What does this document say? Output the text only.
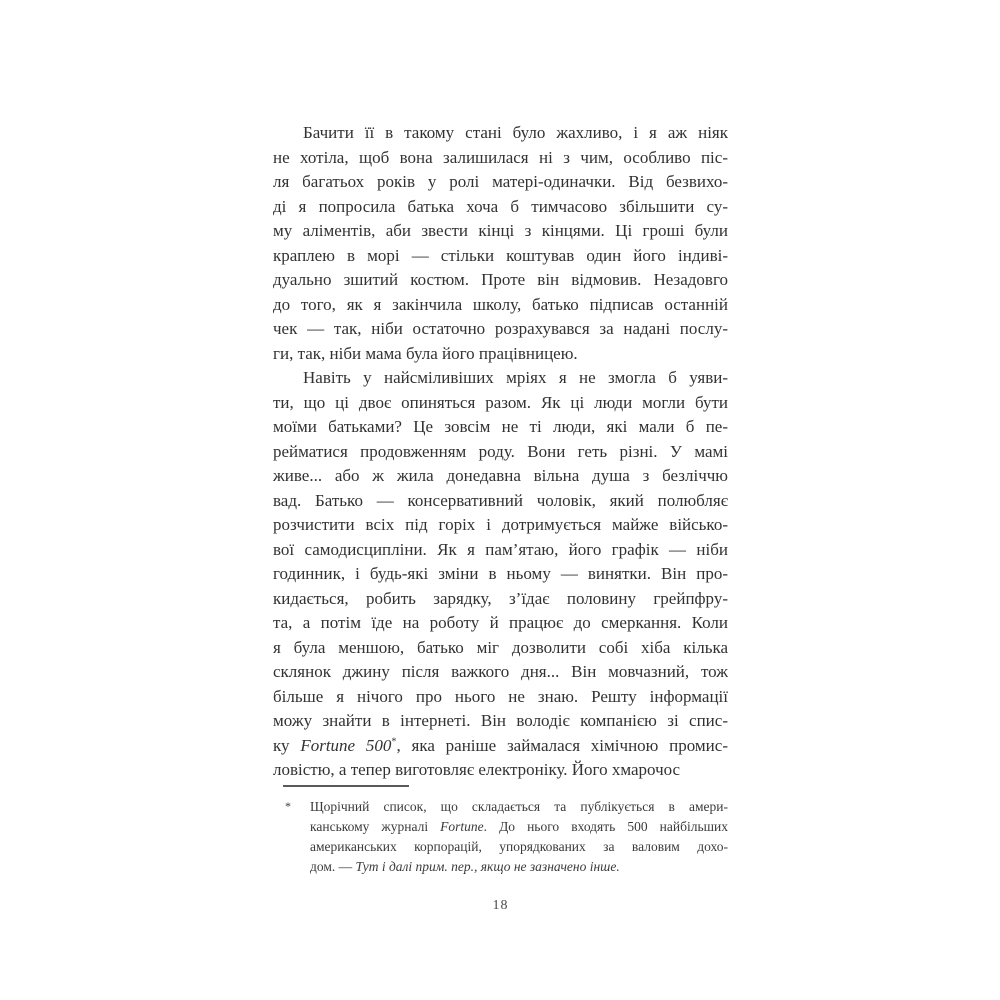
Бачити її в такому стані було жахливо, і я аж ніяк
не хотіла, щоб вона залишилася ні з чим, особливо піс-
ля багатьох років у ролі матері-одиначки. Від безвихо-
ді я попросила батька хоча б тимчасово збільшити су-
му аліментів, аби звести кінці з кінцями. Ці гроші були
краплею в морі — стільки коштував один його індиві-
дуально зшитий костюм. Проте він відмовив. Незадовго
до того, як я закінчила школу, батько підписав останній
чек — так, ніби остаточно розрахувався за надані послу-
ги, так, ніби мама була його працівницею.
Навіть у найсміливіших мріях я не змогла б уяви-
ти, що ці двоє опиняться разом. Як ці люди могли бути
моїми батьками? Це зовсім не ті люди, які мали б пе-
рейматися продовженням роду. Вони геть різні. У мамі
живе... або ж жила донедавна вільна душа з безліччю
вад. Батько — консервативний чоловік, який полюбляє
розчистити всіх під горіх і дотримується майже військо-
вої самодисципліни. Як я пам’ятаю, його графік — ніби
годинник, і будь-які зміни в ньому — винятки. Він про-
кидається, робить зарядку, з’їдає половину грейпфру-
та, а потім їде на роботу й працює до смеркання. Коли
я була меншою, батько міг дозволити собі хіба кілька
склянок джину після важкого дня... Він мовчазний, тож
більше я нічого про нього не знаю. Решту інформації
можу знайти в інтернеті. Він володіє компанією зі спис-
ку Fortune 500*, яка раніше займалася хімічною промис-
ловістю, а тепер виготовляє електроніку. Його хмарочос
* Щорічний список, що складається та публікується в амери-
канському журналі Fortune. До нього входять 500 найбільших
американських корпорацій, упорядкованих за валовим дохо-
дом. — Тут і далі прим. пер., якщо не зазначено інше.
18
